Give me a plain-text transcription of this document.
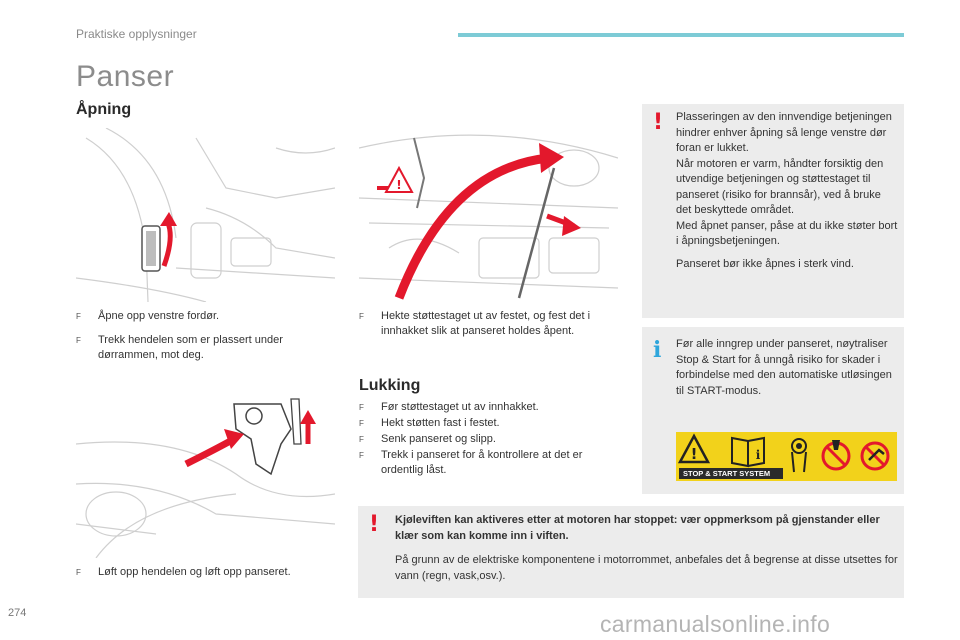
Praktiske opplysninger
Panser
Åpning
!
F Åpne opp venstre fordør.
F Trekk hendelen som er plassert under dørrammen, mot deg.
F Løft opp hendelen og løft opp panseret.
F Hekte støttestaget ut av festet, og fest det i innhakket slik at panseret holdes åpent.
Lukking
F Før støttestaget ut av innhakket.
F Hekt støtten fast i festet.
F Senk panseret og slipp.
F Trekk i panseret for å kontrollere at det er ordentlig låst.
! Plasseringen av den innvendige betjeningen hindrer enhver åpning så lenge venstre dør foran er lukket.
Når motoren er varm, håndter forsiktig den utvendige betjeningen og støttestaget til panseret (risiko for brannsår), ved å bruke det beskyttede området.
Med åpnet panser, påse at du ikke støter bort i åpningsbetjeningen.
Panseret bør ikke åpnes i sterk vind.
i Før alle inngrep under panseret, nøytraliser Stop & Start for å unngå risiko for skader i forbindelse med den automatiske utløsingen til START-modus.
!	i
STOP & START SYSTEM
! Kjøleviften kan aktiveres etter at motoren har stoppet: vær oppmerksom på gjenstander eller klær som kan komme inn i viften.
På grunn av de elektriske komponentene i motorrommet, anbefales det å begrense at disse utsettes for vann (regn, vask,osv.).
274	carmanualsonline.info
